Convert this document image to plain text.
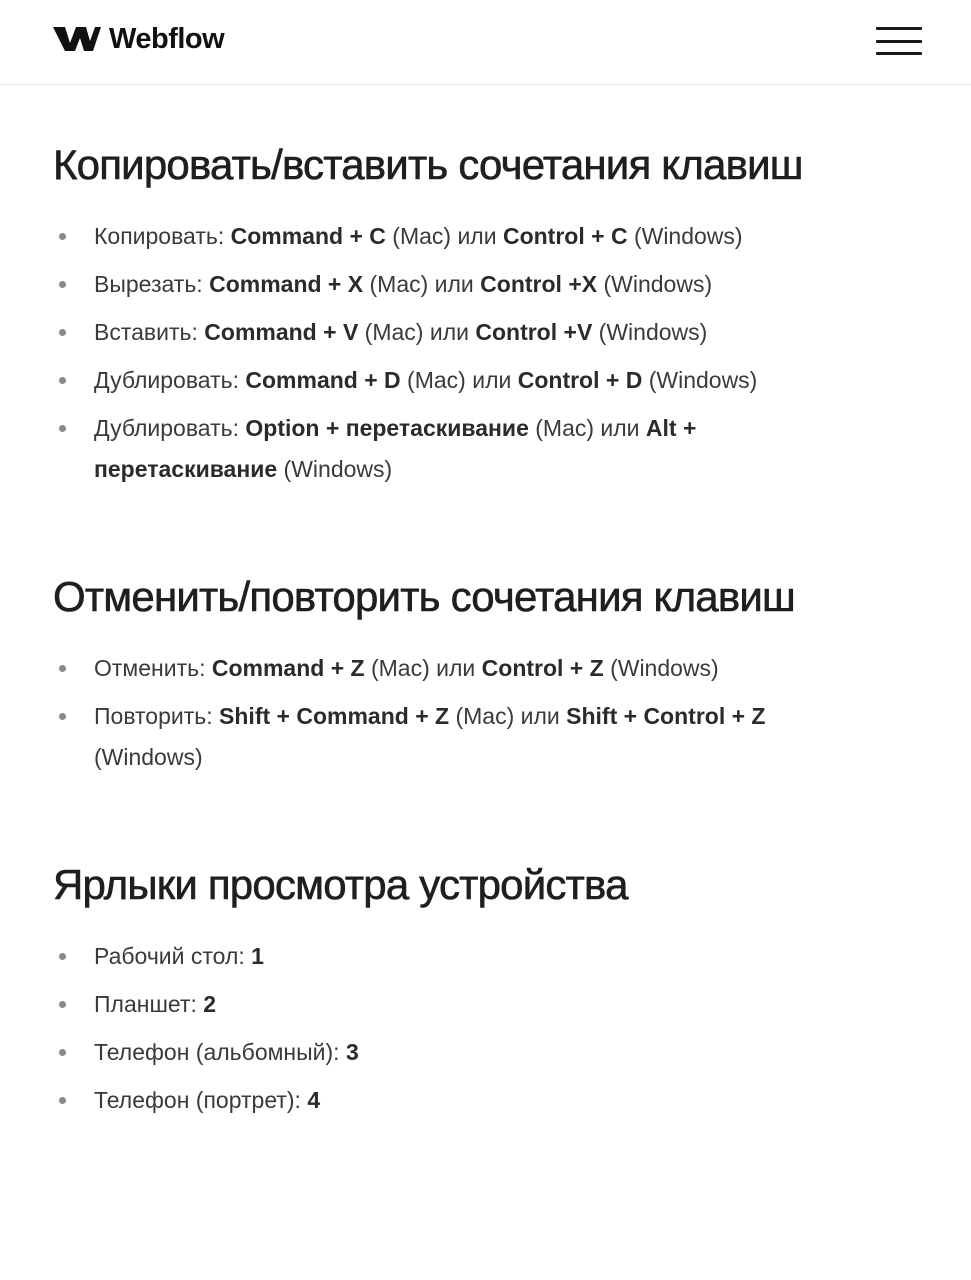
Webflow
Копировать/вставить сочетания клавиш
Копировать: Command + C (Mac) или Control + C (Windows)
Вырезать: Command + X (Mac) или Control +X (Windows)
Вставить: Command + V (Mac) или Control +V (Windows)
Дублировать: Command + D (Mac) или Control + D (Windows)
Дублировать: Option + перетаскивание (Mac) или Alt + перетаскивание (Windows)
Отменить/повторить сочетания клавиш
Отменить: Command + Z (Mac) или Control + Z (Windows)
Повторить: Shift + Command + Z (Mac) или Shift + Control + Z (Windows)
Ярлыки просмотра устройства
Рабочий стол: 1
Планшет: 2
Телефон (альбомный): 3
Телефон (портрет): 4
